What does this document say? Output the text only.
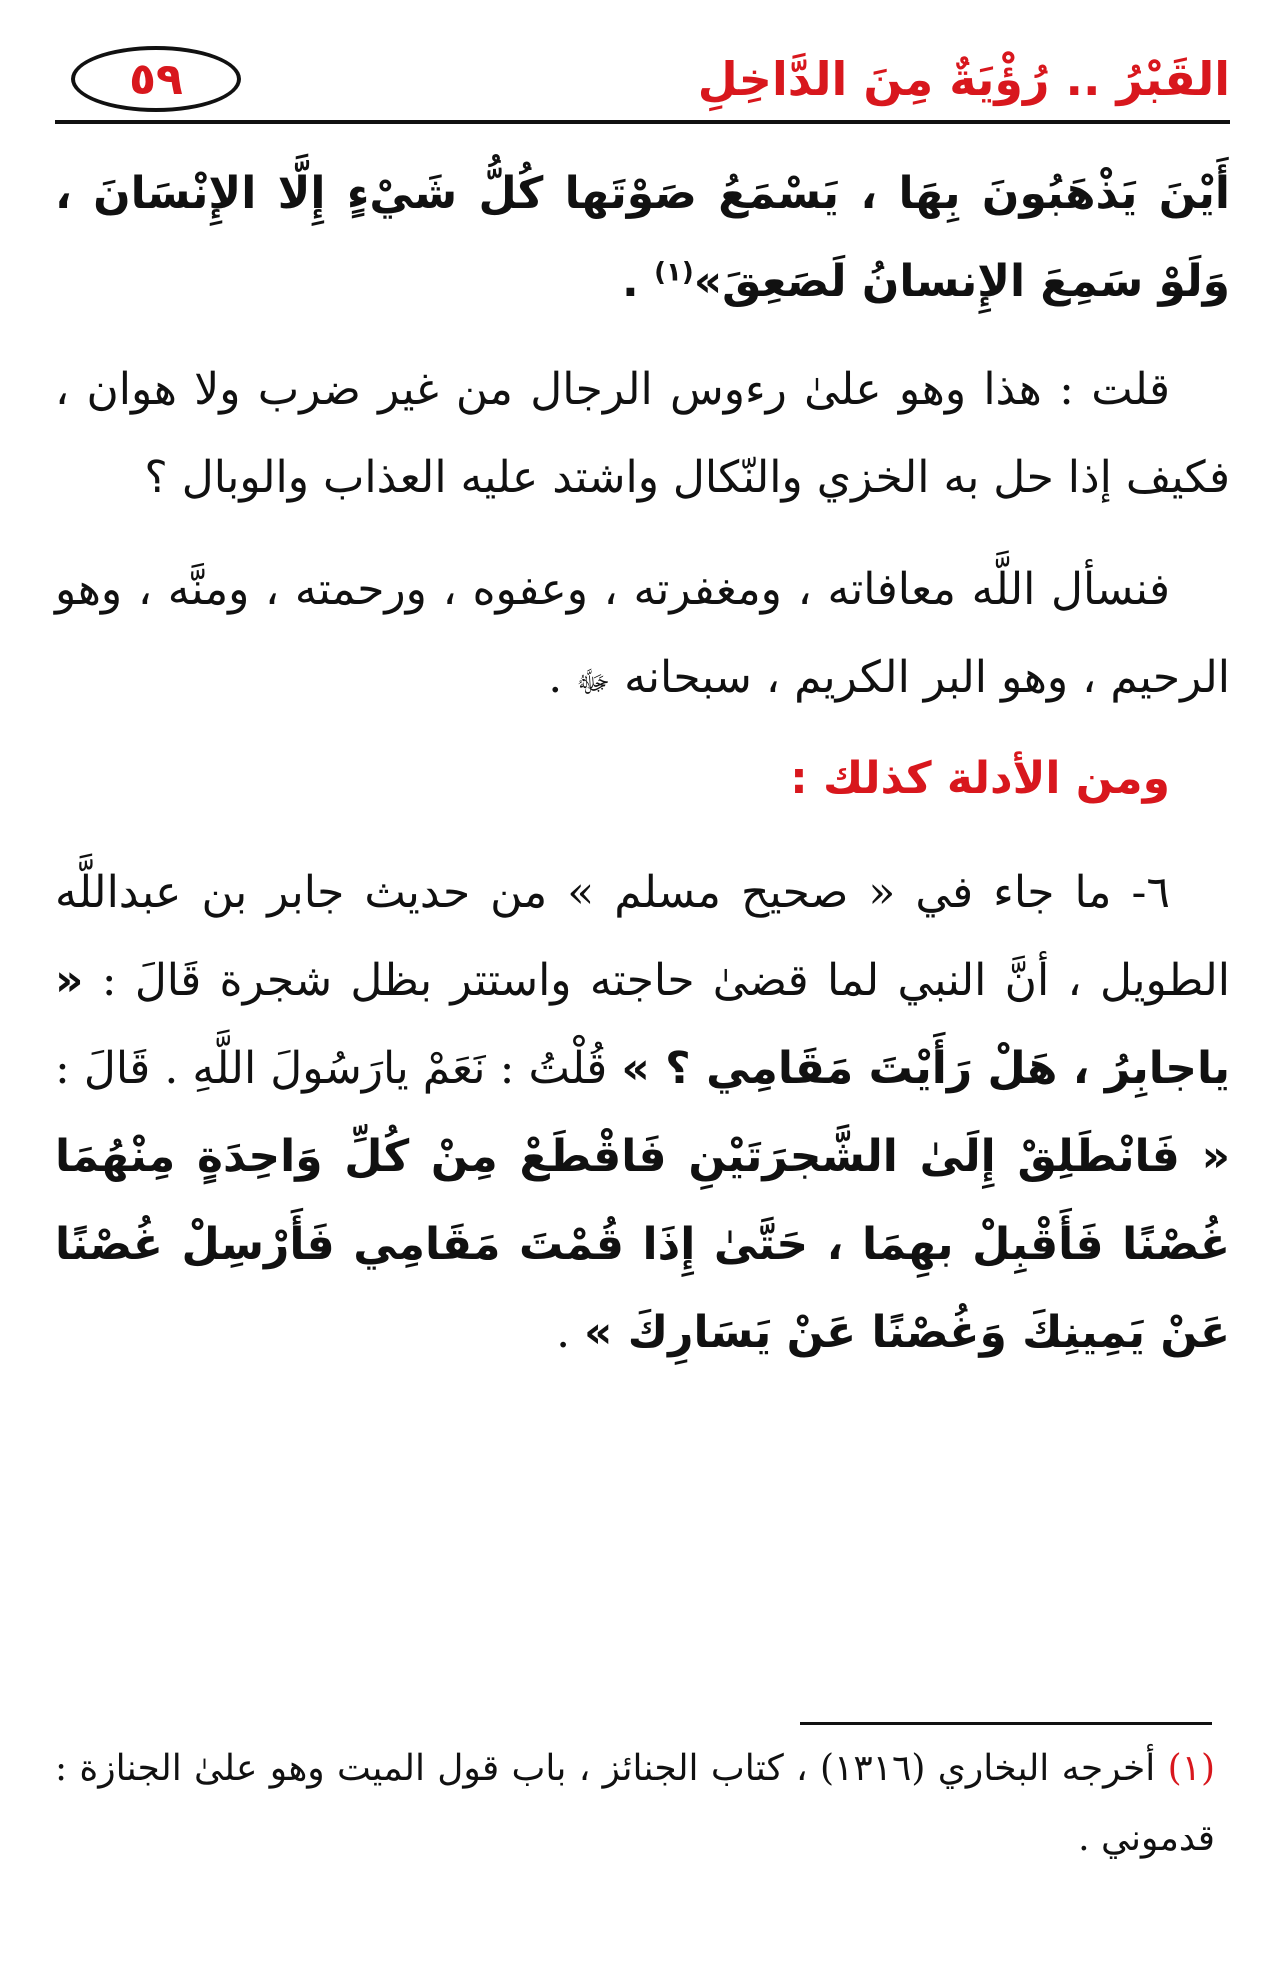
٥٩	القَبْرُ .. رُؤْيَةٌ مِنَ الدَّاخِلِ

أَيْنَ يَذْهَبُونَ بِهَا ، يَسْمَعُ صَوْتَها كُلُّ شَيْءٍ إِلَّا الإِنْسَانَ ، وَلَوْ سَمِعَ الإِنسانُ لَصَعِقَ»$^{(١)}$ .

قلت : هذا وهو علىٰ رءوس الرجال من غير ضرب ولا هوان ، فكيف إذا حل به الخزي والنّكال واشتد عليه العذاب والوبال ؟

فنسأل اللَّه معافاته ، ومغفرته ، وعفوه ، ورحمته ، ومنَّه ، وهو الرحيم ، وهو البر الكريم ، سبحانه ﷻ .

ومن الأدلة كذلك :

٦- ما جاء في « صحيح مسلم » من حديث جابر بن عبداللَّه الطويل ، أنَّ النبي لما قضىٰ حاجته واستتر بظل شجرة قَالَ : « ياجابِرُ ، هَلْ رَأَيْتَ مَقَامِي ؟ » قُلْتُ : نَعَمْ يارَسُولَ اللَّهِ . قَالَ : « فَانْطَلِقْ إِلَىٰ الشَّجرَتَيْنِ فَاقْطَعْ مِنْ كُلِّ وَاحِدَةٍ مِنْهُمَا غُصْنًا فَأَقْبِلْ بهِمَا ، حَتَّىٰ إِذَا قُمْتَ مَقَامِي فَأَرْسِلْ غُصْنًا عَنْ يَمِينِكَ وَغُصْنًا عَنْ يَسَارِكَ » .

(١) أخرجه البخاري (١٣١٦) ، كتاب الجنائز ، باب قول الميت وهو علىٰ الجنازة : قدموني .
